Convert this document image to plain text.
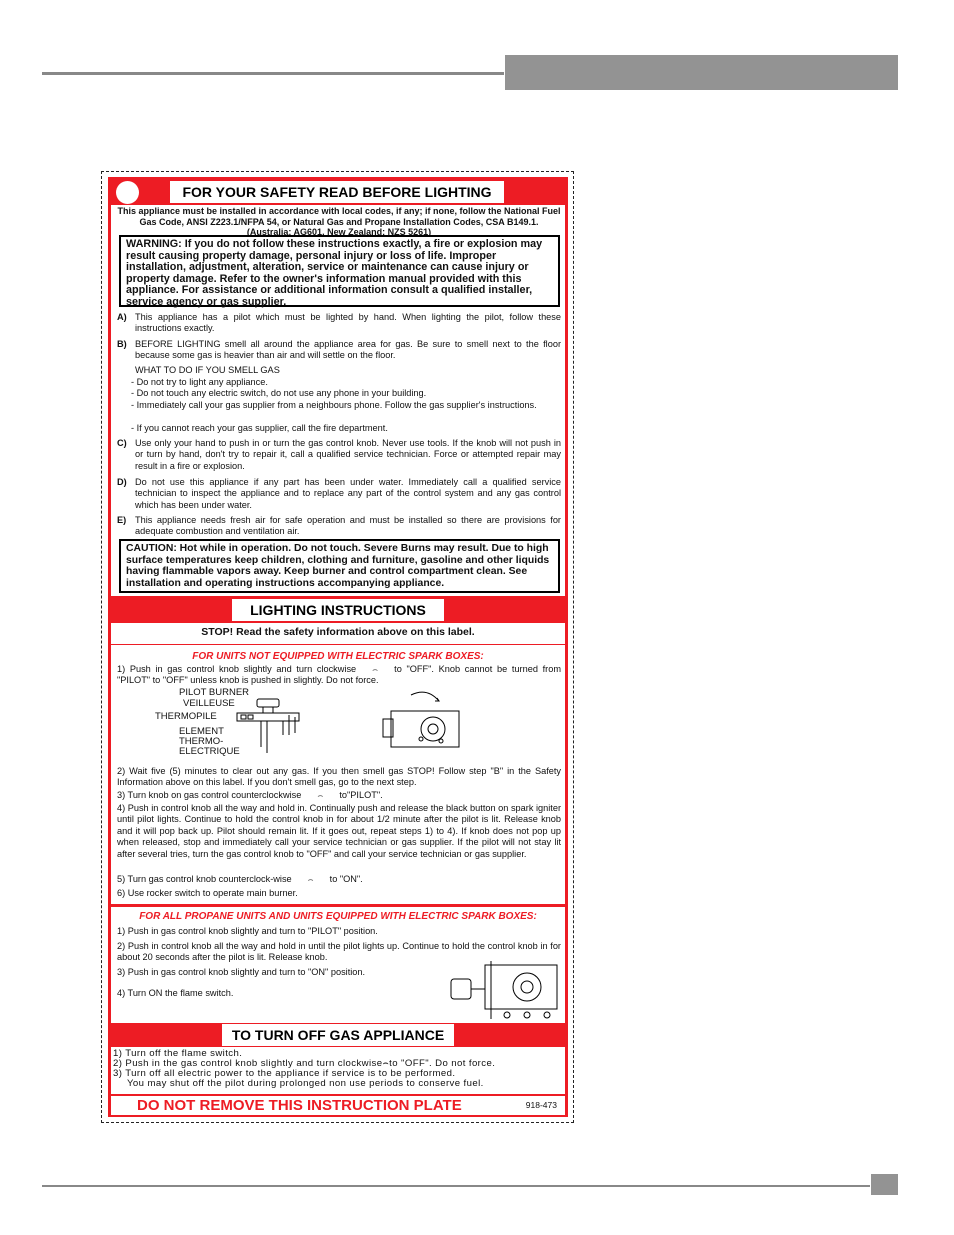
FOR YOUR SAFETY READ BEFORE LIGHTING
This appliance must be installed in accordance with local codes, if any; if none, follow the National Fuel Gas Code, ANSI Z223.1/NFPA 54, or Natural Gas and Propane Installation Codes, CSA B149.1. (Australia: AG601, New Zealand: NZS 5261)
WARNING: If you do not follow these instructions exactly, a fire or explosion may result causing property damage, personal injury or loss of life. Improper installation, adjustment, alteration, service or maintenance can cause injury or property damage. Refer to the owner's information manual provided with this appliance. For assistance or additional information consult a qualified installer, service agency or gas supplier.
A) This appliance has a pilot which must be lighted by hand. When lighting the pilot, follow these instructions exactly.
B) BEFORE LIGHTING smell all around the appliance area for gas. Be sure to smell next to the floor because some gas is heavier than air and will settle on the floor.
WHAT TO DO IF YOU SMELL GAS
- Do not try to light any appliance.
- Do not touch any electric switch, do not use any phone in your building.
- Immediately call your gas supplier from a neighbours phone. Follow the gas supplier's instructions.
- If you cannot reach your gas supplier, call the fire department.
C) Use only your hand to push in or turn the gas control knob. Never use tools. If the knob will not push in or turn by hand, don't try to repair it, call a qualified service technician. Force or attempted repair may result in a fire or explosion.
D) Do not use this appliance if any part has been under water. Immediately call a qualified service technician to inspect the appliance and to replace any part of the control system and any gas control which has been under water.
E) This appliance needs fresh air for safe operation and must be installed so there are provisions for adequate combustion and ventilation air.
CAUTION: Hot while in operation. Do not touch. Severe Burns may result. Due to high surface temperatures keep children, clothing and furniture, gasoline and other liquids having flammable vapors away. Keep burner and control compartment clean. See installation and operating instructions accompanying appliance.
LIGHTING INSTRUCTIONS
STOP! Read the safety information above on this label.
FOR UNITS NOT EQUIPPED WITH ELECTRIC SPARK BOXES:
1) Push in gas control knob slightly and turn clockwise ⌢ to "OFF". Knob cannot be turned from "PILOT" to "OFF" unless knob is pushed in slightly. Do not force.
PILOT BURNER
VEILLEUSE
THERMOPILE
ELEMENT
THERMO-
ELECTRIQUE
2) Wait five (5) minutes to clear out any gas. If you then smell gas STOP! Follow step "B" in the Safety Information above on this label. If you don't smell gas, go to the next step.
3) Turn knob on gas control counterclockwise ⌢ to"PILOT".
4) Push in control knob all the way and hold in. Continually push and release the black button on spark igniter until pilot lights. Continue to hold the control knob in for about 1/2 minute after the pilot is lit. Release knob and it will pop back up. Pilot should remain lit. If it goes out, repeat steps 1) to 4). If knob does not pop up when released, stop and immediately call your service technician or gas supplier. If the pilot will not stay lit after several tries, turn the gas control knob to "OFF" and call your service technician or gas supplier.
5) Turn gas control knob counterclock-wise ⌢ to "ON".
6) Use rocker switch to operate main burner.
FOR ALL PROPANE UNITS AND UNITS EQUIPPED WITH ELECTRIC SPARK BOXES:
1) Push in gas control knob slightly and turn to "PILOT" position.
2) Push in control knob all the way and hold in until the pilot lights up. Continue to hold the control knob in for about 20 seconds after the pilot is lit. Release knob.
3) Push in gas control knob slightly and turn to "ON" position.
4) Turn ON the flame switch.
TO TURN OFF GAS APPLIANCE
1) Turn off the flame switch.
2) Push in the gas control knob slightly and turn clockwise⌢to "OFF". Do not force.
3) Turn off all electric power to the appliance if service is to be performed.
You may shut off the pilot during prolonged non use periods to conserve fuel.
DO NOT REMOVE THIS INSTRUCTION PLATE	918-473
